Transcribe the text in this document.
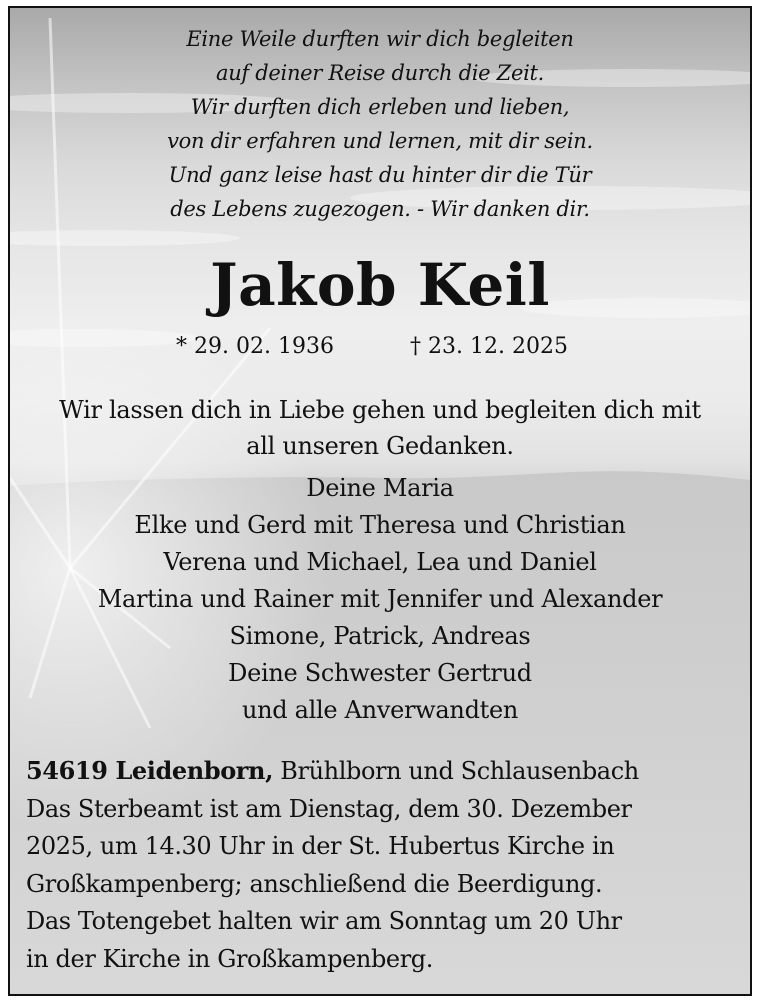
Eine Weile durften wir dich begleiten
auf deiner Reise durch die Zeit.
Wir durften dich erleben und lieben,
von dir erfahren und lernen, mit dir sein.
Und ganz leise hast du hinter dir die Tür
des Lebens zugezogen. - Wir danken dir.
Jakob Keil
* 29. 02. 1936	† 23. 12. 2025
Wir lassen dich in Liebe gehen und begleiten dich mit
all unseren Gedanken.
Deine Maria
Elke und Gerd mit Theresa und Christian
Verena und Michael, Lea und Daniel
Martina und Rainer mit Jennifer und Alexander
Simone, Patrick, Andreas
Deine Schwester Gertrud
und alle Anverwandten
54619 Leidenborn, Brühlborn und Schlausenbach
Das Sterbeamt ist am Dienstag, dem 30. Dezember
2025, um 14.30 Uhr in der St. Hubertus Kirche in
Großkampenberg; anschließend die Beerdigung.
Das Totengebet halten wir am Sonntag um 20 Uhr
in der Kirche in Großkampenberg.
